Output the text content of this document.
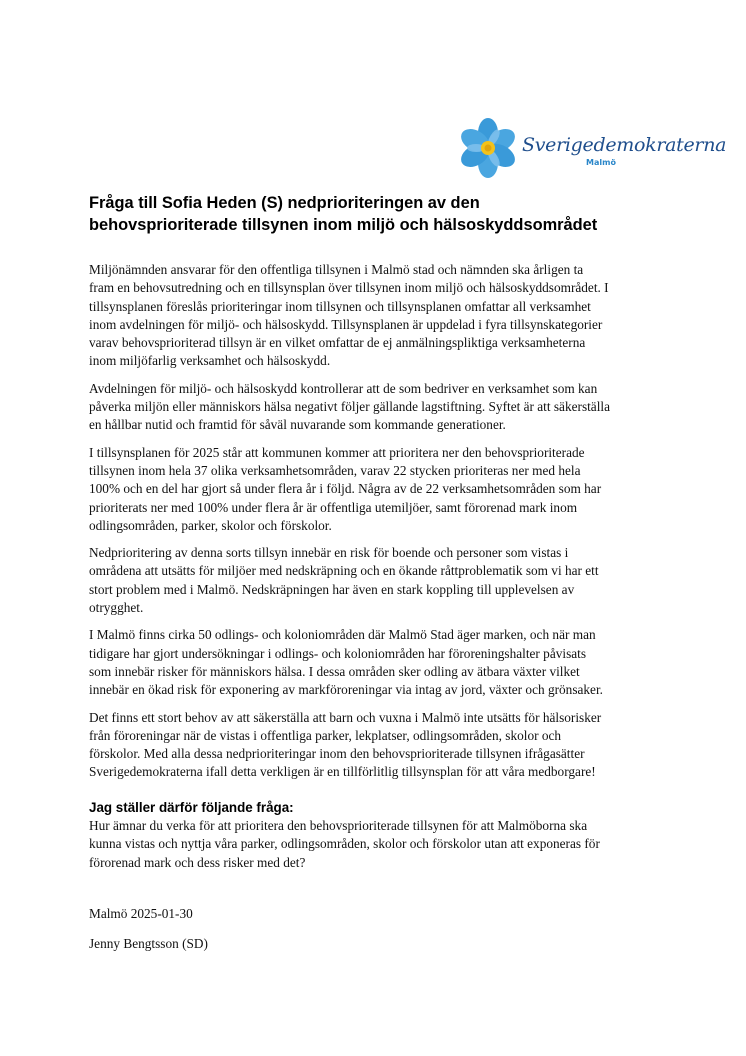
Sverigedemokraterna
Malmö
Fråga till Sofia Heden (S) nedprioriteringen av den
behovsprioriterade tillsynen inom miljö och hälsoskyddsområdet

Miljönämnden ansvarar för den offentliga tillsynen i Malmö stad och nämnden ska årligen ta
fram en behovsutredning och en tillsynsplan över tillsynen inom miljö och hälsoskyddsområdet. I
tillsynsplanen föreslås prioriteringar inom tillsynen och tillsynsplanen omfattar all verksamhet
inom avdelningen för miljö- och hälsoskydd. Tillsynsplanen är uppdelad i fyra tillsynskategorier
varav behovsprioriterad tillsyn är en vilket omfattar de ej anmälningspliktiga verksamheterna
inom miljöfarlig verksamhet och hälsoskydd.

Avdelningen för miljö- och hälsoskydd kontrollerar att de som bedriver en verksamhet som kan
påverka miljön eller människors hälsa negativt följer gällande lagstiftning. Syftet är att säkerställa
en hållbar nutid och framtid för såväl nuvarande som kommande generationer.

I tillsynsplanen för 2025 står att kommunen kommer att prioritera ner den behovsprioriterade
tillsynen inom hela 37 olika verksamhetsområden, varav 22 stycken prioriteras ner med hela
100% och en del har gjort så under flera år i följd. Några av de 22 verksamhetsområden som har
prioriterats ner med 100% under flera år är offentliga utemiljöer, samt förorenad mark inom
odlingsområden, parker, skolor och förskolor.

Nedprioritering av denna sorts tillsyn innebär en risk för boende och personer som vistas i
områdena att utsätts för miljöer med nedskräpning och en ökande råttproblematik som vi har ett
stort problem med i Malmö. Nedskräpningen har även en stark koppling till upplevelsen av
otrygghet.

I Malmö finns cirka 50 odlings- och koloniområden där Malmö Stad äger marken, och när man
tidigare har gjort undersökningar i odlings- och koloniområden har föroreningshalter påvisats
som innebär risker för människors hälsa. I dessa områden sker odling av ätbara växter vilket
innebär en ökad risk för exponering av markföroreningar via intag av jord, växter och grönsaker.

Det finns ett stort behov av att säkerställa att barn och vuxna i Malmö inte utsätts för hälsorisker
från föroreningar när de vistas i offentliga parker, lekplatser, odlingsområden, skolor och
förskolor. Med alla dessa nedprioriteringar inom den behovsprioriterade tillsynen ifrågasätter
Sverigedemokraterna ifall detta verkligen är en tillförlitlig tillsynsplan för att våra medborgare!

Jag ställer därför följande fråga:
Hur ämnar du verka för att prioritera den behovsprioriterade tillsynen för att Malmöborna ska
kunna vistas och nyttja våra parker, odlingsområden, skolor och förskolor utan att exponeras för
förorenad mark och dess risker med det?
Malmö 2025-01-30
Jenny Bengtsson (SD)
